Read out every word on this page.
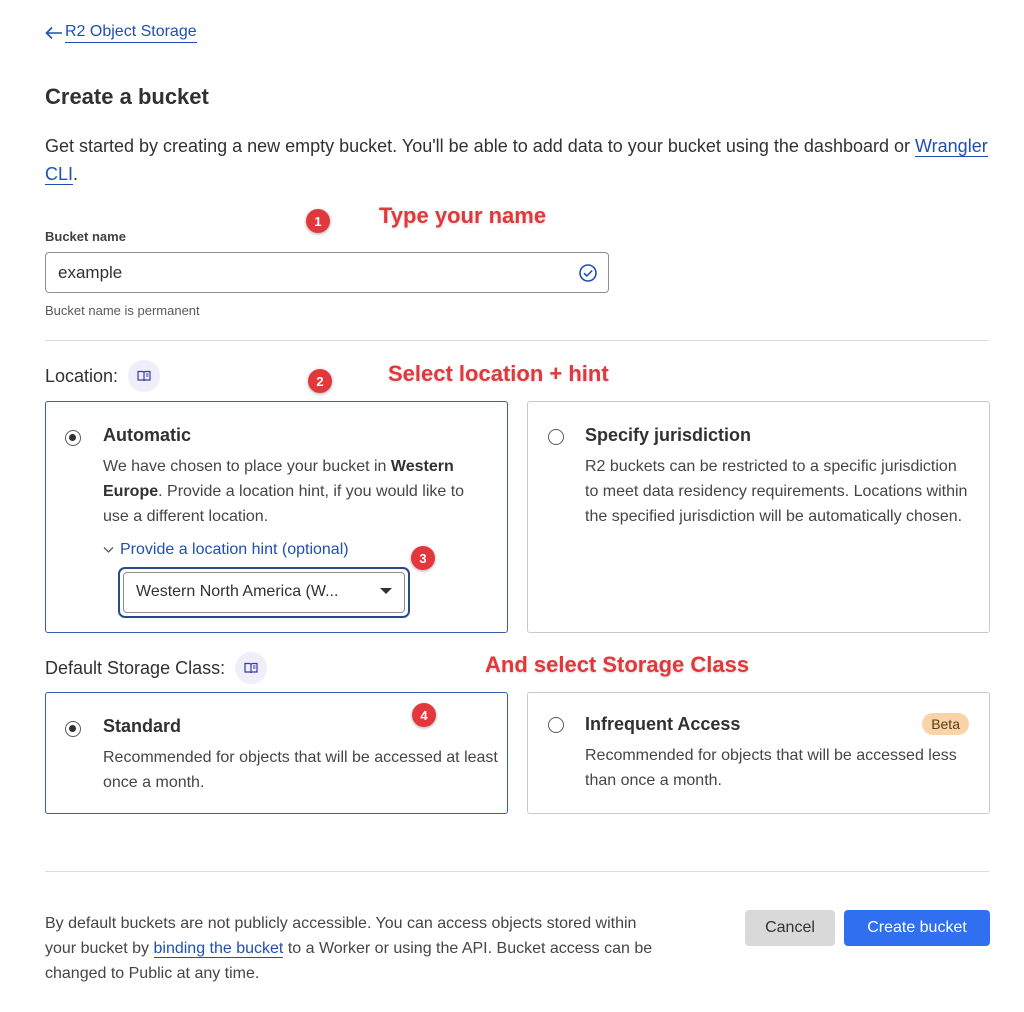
R2 Object Storage
Create a bucket

Get started by creating a new empty bucket. You'll be able to add data to your bucket using the dashboard or Wrangler CLI.

Bucket name
example
Bucket name is permanent
Location:
Automatic
We have chosen to place your bucket in Western Europe. Provide a location hint, if you would like to use a different location.
Provide a location hint (optional)
Western North America (W...
Specify jurisdiction
R2 buckets can be restricted to a specific jurisdiction to meet data residency requirements. Locations within the specified jurisdiction will be automatically chosen.
Default Storage Class:
Standard
Recommended for objects that will be accessed at least once a month.
Infrequent Access	Beta
Recommended for objects that will be accessed less than once a month.

By default buckets are not publicly accessible. You can access objects stored within your bucket by binding the bucket to a Worker or using the API. Bucket access can be changed to Public at any time.

Cancel	Create bucket
1	Type your name
2	Select location + hint
3
And select Storage Class
4
